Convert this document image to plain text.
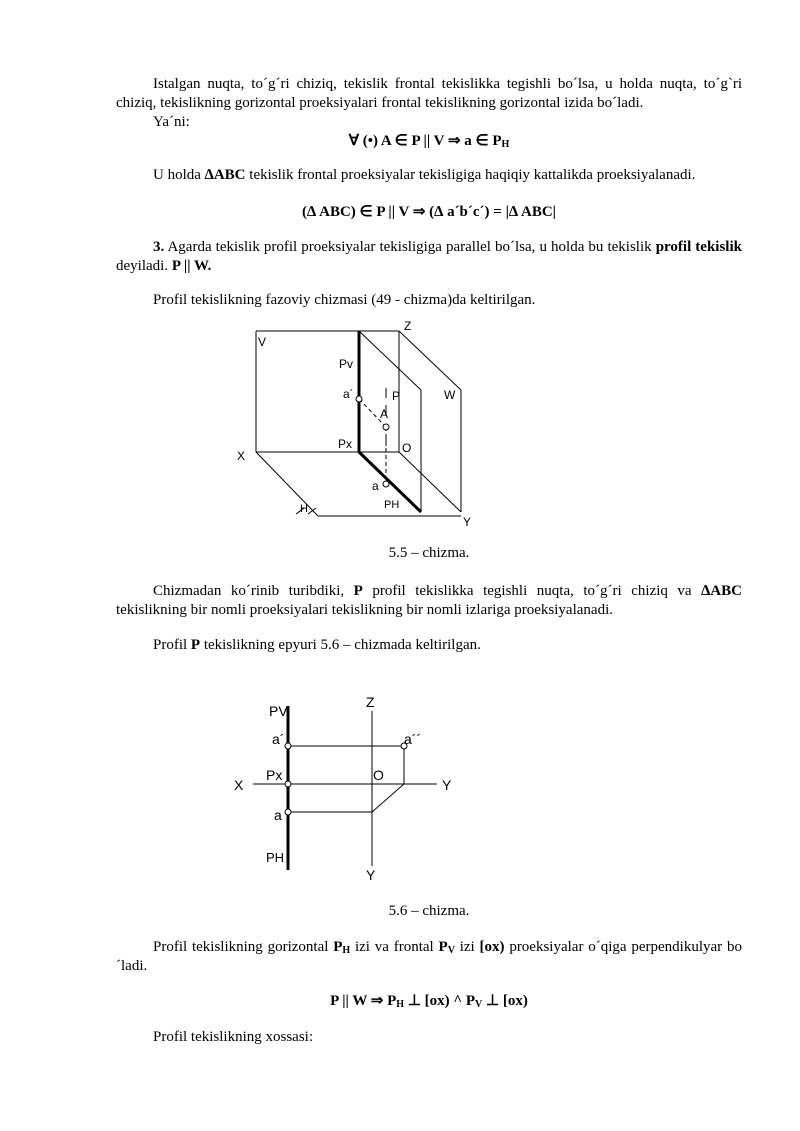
Istalgan nuqta, to´g´ri chiziq, tekislik frontal tekislikka tegishli bo´lsa, u holda nuqta, to´g`ri chiziq, tekislikning gorizontal proeksiyalari frontal tekislikning gorizontal izida bo´ladi.

Ya´ni:

∀ (•) A ∈ P || V ⇒ a ∈ $P_H$

U holda ∆ABC tekislik frontal proeksiyalar tekisligiga haqiqiy kattalikda proeksiyalanadi.

(∆ ABC) ∈ P || V ⇒ (∆ a´b´c´) = |∆ ABC|

3. Agarda tekislik profil proeksiyalar tekisligiga parallel bo´lsa, u holda bu tekislik profil tekislik deyiladi. P || W.

Profil tekislikning fazoviy chizmasi (49 - chizma)da keltirilgan.

Z
V
W
Pv
a´
A
P
Px
X
O
a
PH
H
Y

5.5 – chizma.

Chizmadan ko´rinib turibdiki, P profil tekislikka tegishli nuqta, to´g´ri chiziq va ∆ABC tekislikning bir nomli proeksiyalari tekislikning bir nomli izlariga proeksiyalanadi.

Profil P tekislikning epyuri 5.6 – chizmada keltirilgan.

PV
Z
a´	a´´
X
Px	O
Y
a
PH
Y

5.6 – chizma.

Profil tekislikning gorizontal $P_H$ izi va frontal $P_V$ izi [ox) proeksiyalar o´qiga perpendikulyar bo´ladi.

P || W ⇒ $P_H$ ⊥ [ox) ^ $P_V$ ⊥ [ox)

Profil tekislikning xossasi:
